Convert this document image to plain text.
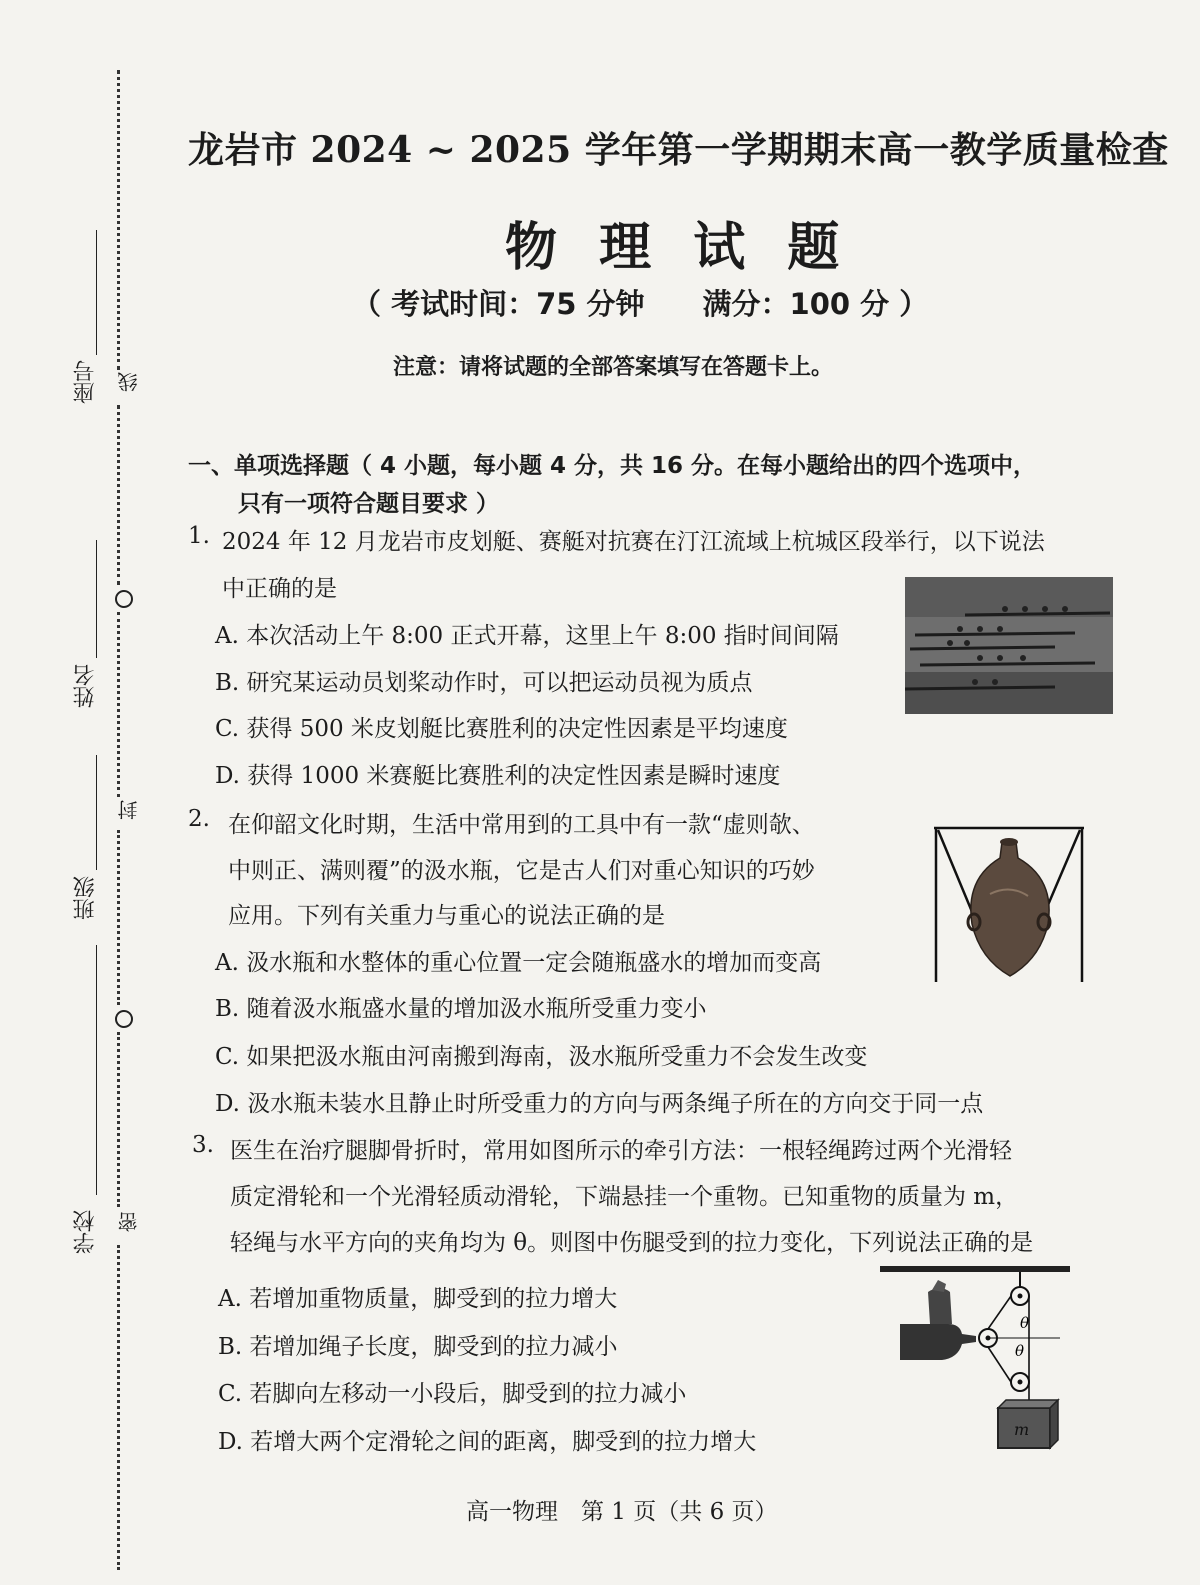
线
封
密
座号
姓名
班级
学校
龙岩市 2024 ~ 2025 学年第一学期期末高一教学质量检查
物 理 试 题
（ 考试时间：75 分钟　　满分：100 分 ）
注意：请将试题的全部答案填写在答题卡上。
一、单项选择题（ 4 小题，每小题 4 分，共 16 分。在每小题给出的四个选项中，
只有一项符合题目要求 ）
1. 2024 年 12 月龙岩市皮划艇、赛艇对抗赛在汀江流域上杭城区段举行，以下说法
中正确的是
A. 本次活动上午 8:00 正式开幕，这里上午 8:00 指时间间隔
B. 研究某运动员划桨动作时，可以把运动员视为质点
C. 获得 500 米皮划艇比赛胜利的决定性因素是平均速度
D. 获得 1000 米赛艇比赛胜利的决定性因素是瞬时速度
2. 在仰韶文化时期，生活中常用到的工具中有一款“虚则欹、
中则正、满则覆”的汲水瓶，它是古人们对重心知识的巧妙
应用。下列有关重力与重心的说法正确的是
A. 汲水瓶和水整体的重心位置一定会随瓶盛水的增加而变高
B. 随着汲水瓶盛水量的增加汲水瓶所受重力变小
C. 如果把汲水瓶由河南搬到海南，汲水瓶所受重力不会发生改变
D. 汲水瓶未装水且静止时所受重力的方向与两条绳子所在的方向交于同一点
3. 医生在治疗腿脚骨折时，常用如图所示的牵引方法：一根轻绳跨过两个光滑轻
质定滑轮和一个光滑轻质动滑轮，下端悬挂一个重物。已知重物的质量为 m，
轻绳与水平方向的夹角均为 θ。则图中伤腿受到的拉力变化，下列说法正确的是
A. 若增加重物质量，脚受到的拉力增大
B. 若增加绳子长度，脚受到的拉力减小
C. 若脚向左移动一小段后，脚受到的拉力减小
D. 若增大两个定滑轮之间的距离，脚受到的拉力增大
θ
θ
m
高一物理　第 1 页（共 6 页）
